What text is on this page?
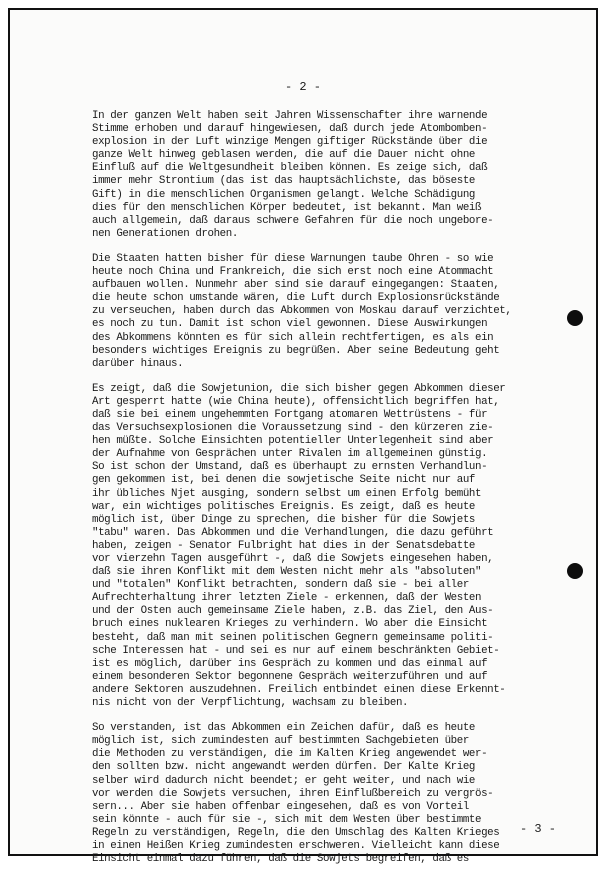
- 2 -

In der ganzen Welt haben seit Jahren Wissenschafter ihre warnende
Stimme erhoben und darauf hingewiesen, daß durch jede Atombomben-
explosion in der Luft winzige Mengen giftiger Rückstände über die
ganze Welt hinweg geblasen werden, die auf die Dauer nicht ohne
Einfluß auf die Weltgesundheit bleiben können. Es zeige sich, daß
immer mehr Strontium (das ist das hauptsächlichste, das böseste
Gift) in die menschlichen Organismen gelangt. Welche Schädigung
dies für den menschlichen Körper bedeutet, ist bekannt. Man weiß
auch allgemein, daß daraus schwere Gefahren für die noch ungebore-
nen Generationen drohen.

Die Staaten hatten bisher für diese Warnungen taube Ohren - so wie
heute noch China und Frankreich, die sich erst noch eine Atommacht
aufbauen wollen. Nunmehr aber sind sie darauf eingegangen: Staaten,
die heute schon umstande wären, die Luft durch Explosionsrückstände
zu verseuchen, haben durch das Abkommen von Moskau darauf verzichtet,
es noch zu tun. Damit ist schon viel gewonnen. Diese Auswirkungen
des Abkommens könnten es für sich allein rechtfertigen, es als ein
besonders wichtiges Ereignis zu begrüßen. Aber seine Bedeutung geht
darüber hinaus.

Es zeigt, daß die Sowjetunion, die sich bisher gegen Abkommen dieser
Art gesperrt hatte (wie China heute), offensichtlich begriffen hat,
daß sie bei einem ungehemmten Fortgang atomaren Wettrüstens - für
das Versuchsexplosionen die Voraussetzung sind - den kürzeren zie-
hen müßte. Solche Einsichten potentieller Unterlegenheit sind aber
der Aufnahme von Gesprächen unter Rivalen im allgemeinen günstig.
So ist schon der Umstand, daß es überhaupt zu ernsten Verhandlun-
gen gekommen ist, bei denen die sowjetische Seite nicht nur auf
ihr übliches Njet ausging, sondern selbst um einen Erfolg bemüht
war, ein wichtiges politisches Ereignis. Es zeigt, daß es heute
möglich ist, über Dinge zu sprechen, die bisher für die Sowjets
"tabu" waren. Das Abkommen und die Verhandlungen, die dazu geführt
haben, zeigen - Senator Fulbright hat dies in der Senatsdebatte
vor vierzehn Tagen ausgeführt -, daß die Sowjets eingesehen haben,
daß sie ihren Konflikt mit dem Westen nicht mehr als "absoluten"
und "totalen" Konflikt betrachten, sondern daß sie - bei aller
Aufrechterhaltung ihrer letzten Ziele - erkennen, daß der Westen
und der Osten auch gemeinsame Ziele haben, z.B. das Ziel, den Aus-
bruch eines nuklearen Krieges zu verhindern. Wo aber die Einsicht
besteht, daß man mit seinen politischen Gegnern gemeinsame politi-
sche Interessen hat - und sei es nur auf einem beschränkten Gebiet-
ist es möglich, darüber ins Gespräch zu kommen und das einmal auf
einem besonderen Sektor begonnene Gespräch weiterzuführen und auf
andere Sektoren auszudehnen. Freilich entbindet einen diese Erkennt-
nis nicht von der Verpflichtung, wachsam zu bleiben.

So verstanden, ist das Abkommen ein Zeichen dafür, daß es heute
möglich ist, sich zumindesten auf bestimmten Sachgebieten über
die Methoden zu verständigen, die im Kalten Krieg angewendet wer-
den sollten bzw. nicht angewandt werden dürfen. Der Kalte Krieg
selber wird dadurch nicht beendet; er geht weiter, und nach wie
vor werden die Sowjets versuchen, ihren Einflußbereich zu vergrös-
sern... Aber sie haben offenbar eingesehen, daß es von Vorteil
sein könnte - auch für sie -, sich mit dem Westen über bestimmte
Regeln zu verständigen, Regeln, die den Umschlag des Kalten Krieges
in einen Heißen Krieg zumindesten erschweren. Vielleicht kann diese
Einsicht einmal dazu führen, daß die Sowjets begreifen, daß es

- 3 -
